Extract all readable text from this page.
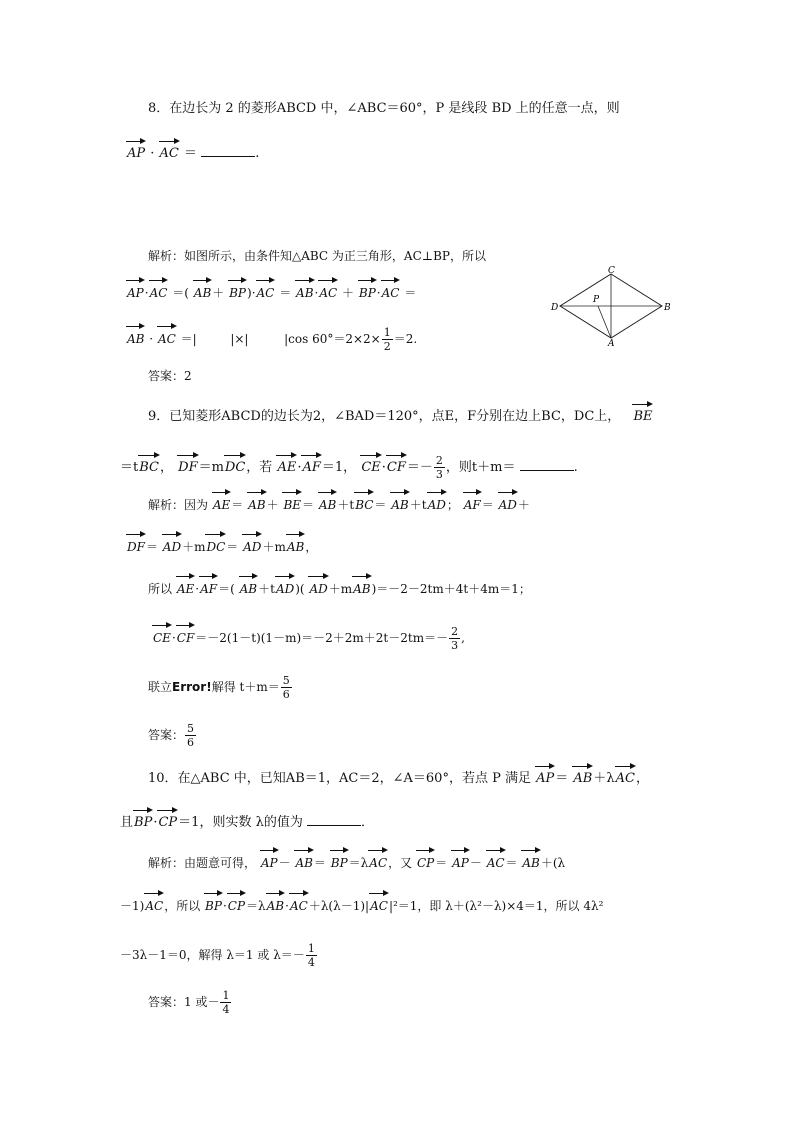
8．在边长为 2 的菱形ABCD 中，∠ABC＝60°，P 是线段 BD 上的任意一点，则
AP · AC ＝	.
解析：如图所示，由条件知△ABC 为正三角形，AC⊥BP，所以
AP·AC ＝( AB＋ BP)·AC ＝ AB·AC ＋ BP·AC ＝
AB · AC ＝|	|×|	|cos $60^\circ=2\times 2\times \frac{1}{2} =2$.
答案：2
C
D	B
A
P
9．已知菱形ABCD的边长为2，∠BAD＝120°，点E，F分别在边上BC，DC上， BE
＝tBC， DF＝mDC，若 AE·AF＝1， $CE\cdot CF=- \frac{2}{3}$ ，则t＋m＝	.
解析：因为 AE＝ AB＋ BE＝ AB＋tBC＝ AB＋tAD； AF＝ AD＋
DF＝ AD＋mDC＝ AD＋mAB，
所以 AE·AF＝( AB＋tAD)( AD＋mAB)＝－2－2tm＋4t＋4m＝1；
$CE\cdot CF=-2(1-t)(1-m)=-2+2m+2t-2tm=- \frac{2}{3}$ ,
联立Error!解得 $t+m= \frac{5}{6}$
答案： $\frac{5}{6}$
10．在△ABC 中，已知AB＝1，AC＝2，∠A＝60°，若点 P 满足 AP＝ AB＋λAC，
且BP·CP＝1，则实数 λ的值为	．
解析：由题意可得， AP－ AB＝ BP＝λAC，又 CP＝ AP－ AC＝ AB＋(λ
－1)AC，所以 BP·CP＝λAB·AC＋λ(λ－1)|AC|²＝1，即 λ＋(λ²－λ)×4＝1，所以 4λ²
－3λ－1＝0，解得 λ＝1 或 $\lambda=- \frac{1}{4}$
答案：1 或－ $\frac{1}{4}$
